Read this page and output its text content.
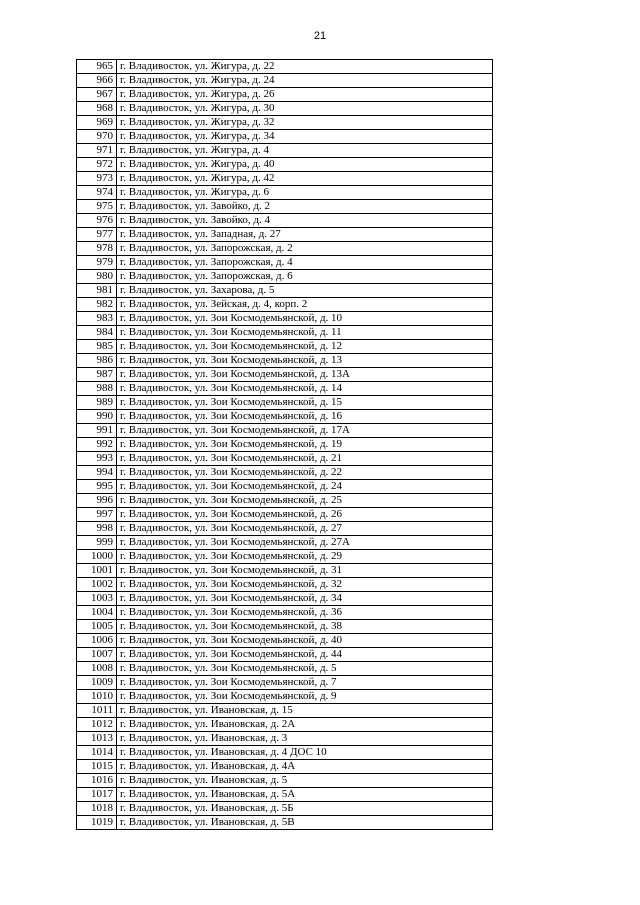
21
965	г. Владивосток, ул. Жигура, д. 22
966	г. Владивосток, ул. Жигура, д. 24
967	г. Владивосток, ул. Жигура, д. 26
968	г. Владивосток, ул. Жигура, д. 30
969	г. Владивосток, ул. Жигура, д. 32
970	г. Владивосток, ул. Жигура, д. 34
971	г. Владивосток, ул. Жигура, д. 4
972	г. Владивосток, ул. Жигура, д. 40
973	г. Владивосток, ул. Жигура, д. 42
974	г. Владивосток, ул. Жигура, д. 6
975	г. Владивосток, ул. Завойко, д. 2
976	г. Владивосток, ул. Завойко, д. 4
977	г. Владивосток, ул. Западная, д. 27
978	г. Владивосток, ул. Запорожская, д. 2
979	г. Владивосток, ул. Запорожская, д. 4
980	г. Владивосток, ул. Запорожская, д. 6
981	г. Владивосток, ул. Захарова, д. 5
982	г. Владивосток, ул. Зейская, д. 4, корп. 2
983	г. Владивосток, ул. Зои Космодемьянской, д. 10
984	г. Владивосток, ул. Зои Космодемьянской, д. 11
985	г. Владивосток, ул. Зои Космодемьянской, д. 12
986	г. Владивосток, ул. Зои Космодемьянской, д. 13
987	г. Владивосток, ул. Зои Космодемьянской, д. 13А
988	г. Владивосток, ул. Зои Космодемьянской, д. 14
989	г. Владивосток, ул. Зои Космодемьянской, д. 15
990	г. Владивосток, ул. Зои Космодемьянской, д. 16
991	г. Владивосток, ул. Зои Космодемьянской, д. 17А
992	г. Владивосток, ул. Зои Космодемьянской, д. 19
993	г. Владивосток, ул. Зои Космодемьянской, д. 21
994	г. Владивосток, ул. Зои Космодемьянской, д. 22
995	г. Владивосток, ул. Зои Космодемьянской, д. 24
996	г. Владивосток, ул. Зои Космодемьянской, д. 25
997	г. Владивосток, ул. Зои Космодемьянской, д. 26
998	г. Владивосток, ул. Зои Космодемьянской, д. 27
999	г. Владивосток, ул. Зои Космодемьянской, д. 27А
1000	г. Владивосток, ул. Зои Космодемьянской, д. 29
1001	г. Владивосток, ул. Зои Космодемьянской, д. 31
1002	г. Владивосток, ул. Зои Космодемьянской, д. 32
1003	г. Владивосток, ул. Зои Космодемьянской, д. 34
1004	г. Владивосток, ул. Зои Космодемьянской, д. 36
1005	г. Владивосток, ул. Зои Космодемьянской, д. 38
1006	г. Владивосток, ул. Зои Космодемьянской, д. 40
1007	г. Владивосток, ул. Зои Космодемьянской, д. 44
1008	г. Владивосток, ул. Зои Космодемьянской, д. 5
1009	г. Владивосток, ул. Зои Космодемьянской, д. 7
1010	г. Владивосток, ул. Зои Космодемьянской, д. 9
1011	г. Владивосток, ул. Ивановская, д. 15
1012	г. Владивосток, ул. Ивановская, д. 2А
1013	г. Владивосток, ул. Ивановская, д. 3
1014	г. Владивосток, ул. Ивановская, д. 4 ДОС 10
1015	г. Владивосток, ул. Ивановская, д. 4А
1016	г. Владивосток, ул. Ивановская, д. 5
1017	г. Владивосток, ул. Ивановская, д. 5А
1018	г. Владивосток, ул. Ивановская, д. 5Б
1019	г. Владивосток, ул. Ивановская, д. 5В
